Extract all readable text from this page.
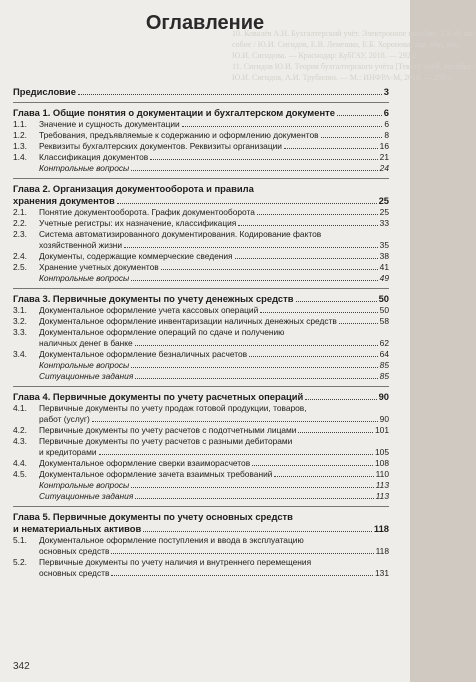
10. Ковалёв А.Н. Бухгалтерский учёт. Электронное пособие. Т.3 об. по-
собие / Ю.И. Сигидов, Е.В. Лемешко, Е.Б. Хоронова; под общ. ред.
Ю.И. Сигидова. — Краснодар: КубГАУ, 2018. — 292 с.
11. Сигидов Ю.И. Теория бухгалтерского учёта [Текст]: учеб. пособие /
Ю.И. Сигидов, А.И. Трубилин. — М.: ИНФРА-М, 2019. — 256 с.
Оглавление
Предисловие	3
Глава 1. Общие понятия о документации и бухгалтерском документе	6
1.1.	Значение и сущность документации	6
1.2.	Требования, предъявляемые к содержанию и оформлению документов	8
1.3.	Реквизиты бухгалтерских документов. Реквизиты организации	16
1.4.	Классификация документов	21
Контрольные вопросы	24
Глава 2. Организация документооборота и правила
хранения документов	25
2.1.	Понятие документооборота. График документооборота	25
2.2.	Учетные регистры: их назначение, классификация	33
2.3.	Система автоматизированного документирования. Кодирование фактов
хозяйственной жизни	35
2.4.	Документы, содержащие коммерческие сведения	38
2.5.	Хранение учетных документов	41
Контрольные вопросы	49
Глава 3. Первичные документы по учету денежных средств	50
3.1.	Документальное оформление учета кассовых операций	50
3.2.	Документальное оформление инвентаризации наличных денежных средств	58
3.3.	Документальное оформление операций по сдаче и получению
наличных денег в банке	62
3.4.	Документальное оформление безналичных расчетов	64
Контрольные вопросы	85
Ситуационные задания	85
Глава 4. Первичные документы по учету расчетных операций	90
4.1.	Первичные документы по учету продаж готовой продукции, товаров,
работ (услуг)	90
4.2.	Первичные документы по учету расчетов с подотчетными лицами	101
4.3.	Первичные документы по учету расчетов с разными дебиторами
и кредиторами	105
4.4.	Документальное оформление сверки взаиморасчетов	108
4.5.	Документальное оформление зачета взаимных требований	110
Контрольные вопросы	113
Ситуационные задания	113
Глава 5. Первичные документы по учету основных средств
и нематериальных активов	118
5.1.	Документальное оформление поступления и ввода в эксплуатацию
основных средств	118
5.2.	Первичные документы по учету наличия и внутреннего перемещения
основных средств	131
342
